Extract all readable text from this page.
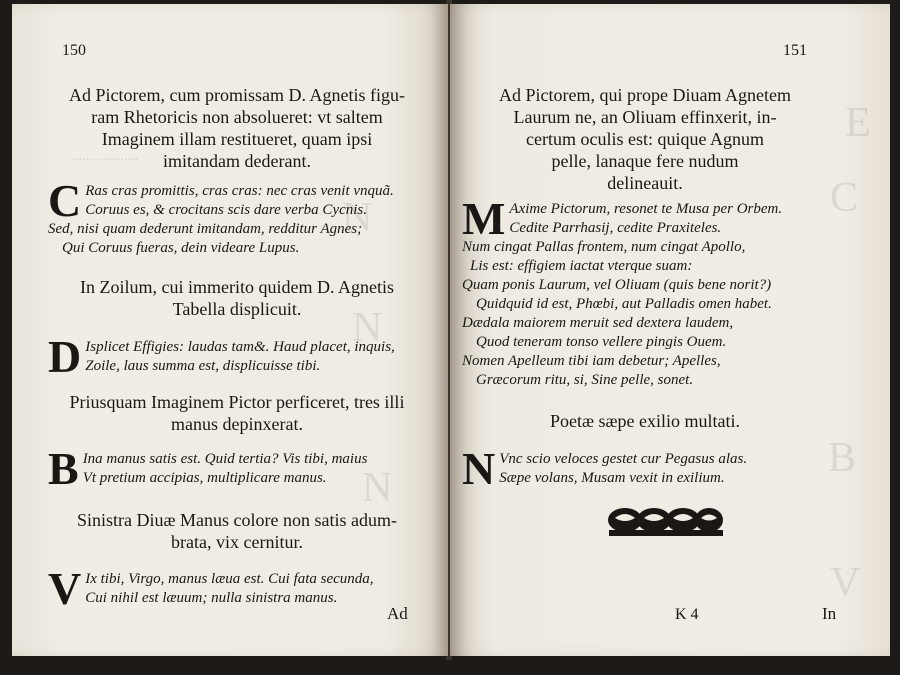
...................
N
N
N
150
Ad Pictorem, cum promissam D. Agnetis figu-
ram Rhetoricis non absolueret: vt saltem
Imaginem illam restitueret, quam ipsi
imitandam dederant.
C Ras cras promittis, cras cras: nec cras venit vnquã.
Coruus es, & crocitans scis dare verba Cycnis.
Sed, nisi quam dederunt imitandam, redditur Agnes;
Qui Coruus fueras, dein videare Lupus.
In Zoilum, cui immerito quidem D. Agnetis
Tabella displicuit.
D Isplicet Effigies: laudas tam&. Haud placet, inquis,
Zoile, laus summa est, displicuisse tibi.
Priusquam Imaginem Pictor perficeret, tres illi
manus depinxerat.
B Ina manus satis est. Quid tertia? Vis tibi, maius
Vt pretium accipias, multiplicare manus.
Sinistra Diuæ Manus colore non satis adum-
brata, vix cernitur.
V Ix tibi, Virgo, manus læua est. Cui fata secunda,
Cui nihil est læuum; nulla sinistra manus.
Ad
E
C
B
V
151
Ad Pictorem, qui prope Diuam Agnetem
Laurum ne, an Oliuam effinxerit, in-
certum oculis est: quique Agnum
pelle, lanaque fere nudum
delineauit.
M Axime Pictorum, resonet te Musa per Orbem.
Cedite Parrhasij, cedite Praxiteles.
Num cingat Pallas frontem, num cingat Apollo,
Lis est: effigiem iactat vterque suam:
Quam ponis Laurum, vel Oliuam (quis bene norit?)
Quidquid id est, Phœbi, aut Palladis omen habet.
Dædala maiorem meruit sed dextera laudem,
Quod teneram tonso vellere pingis Ouem.
Nomen Apelleum tibi iam debetur; Apelles,
Græcorum ritu, si, Sine pelle, sonet.
Poetæ sæpe exilio multati.
N Vnc scio veloces gestet cur Pegasus alas.
Sæpe volans, Musam vexit in exilium.
K 4	In
